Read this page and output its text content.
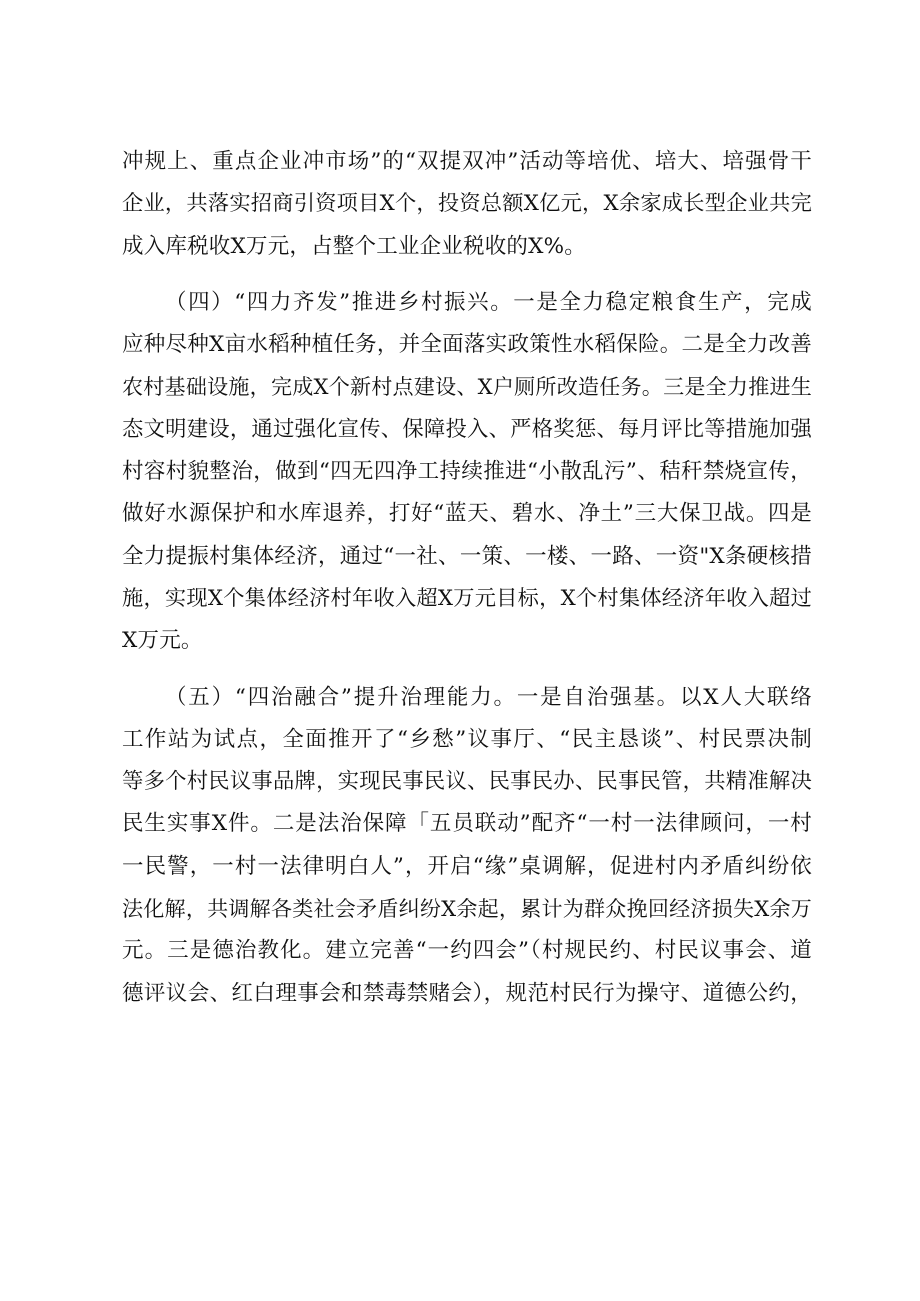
冲规上、重点企业冲市场”的“双提双冲”活动等培优、培大、培强骨干
企业，共落实招商引资项目X个，投资总额X亿元，X余家成长型企业共完
成入库税收X万元，占整个工业企业税收的X%。
（四）“四力齐发”推进乡村振兴。一是全力稳定粮食生产，完成
应种尽种X亩水稻种植任务，并全面落实政策性水稻保险。二是全力改善
农村基础设施，完成X个新村点建设、X户厕所改造任务。三是全力推进生
态文明建设，通过强化宣传、保障投入、严格奖惩、每月评比等措施加强
村容村貌整治，做到“四无四净工持续推进“小散乱污”、秸秆禁烧宣传，
做好水源保护和水库退养，打好“蓝天、碧水、净土”三大保卫战。四是
全力提振村集体经济，通过“一社、一策、一楼、一路、一资"X条硬核措
施，实现X个集体经济村年收入超X万元目标，X个村集体经济年收入超过
X万元。
（五）“四治融合”提升治理能力。一是自治强基。以X人大联络
工作站为试点，全面推开了“乡愁”议事厅、“民主恳谈”、村民票决制
等多个村民议事品牌，实现民事民议、民事民办、民事民管，共精准解决
民生实事X件。二是法治保障「五员联动”配齐“一村一法律顾问，一村
一民警，一村一法律明白人”，开启“缘”桌调解，促进村内矛盾纠纷依
法化解，共调解各类社会矛盾纠纷X余起，累计为群众挽回经济损失X余万
元。三是德治教化。建立完善“一约四会”（村规民约、村民议事会、道
德评议会、红白理事会和禁毒禁赌会），规范村民行为操守、道德公约，
